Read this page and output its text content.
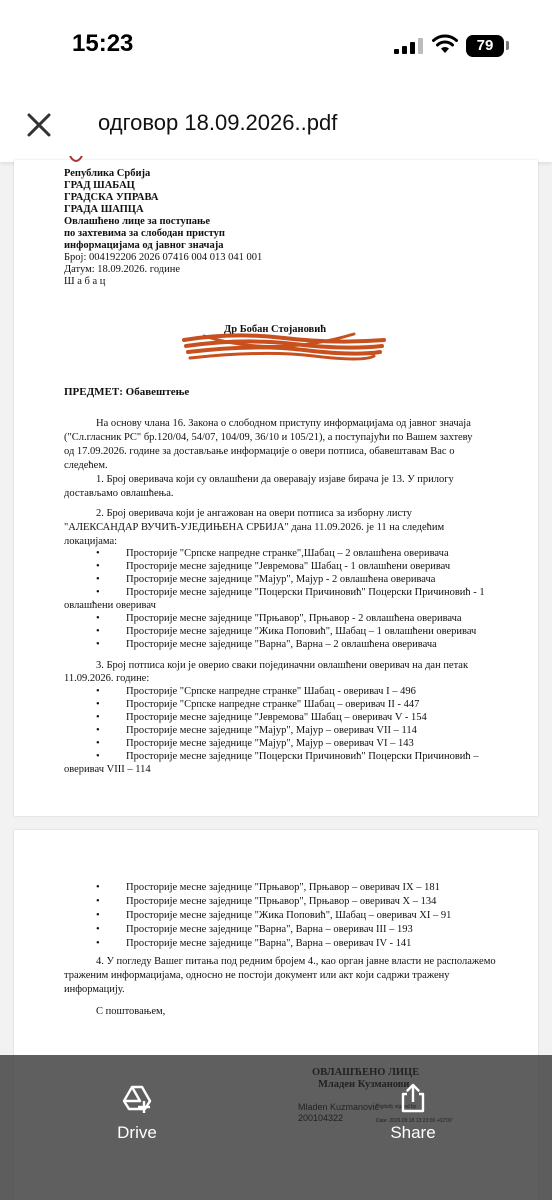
15:23	79
одговор 18.09.2026..pdf
Република Србија
ГРАД ШАБАЦ
ГРАДСКА УПРАВА
ГРАДА ШАПЦА
Овлашћено лице за поступање
по захтевима за слободан приступ
информацијама од јавног значаја
Број: 004192206 2026 07416 004 013 041 001
Датум: 18.09.2026. године
Ш а б а ц
Др Бобан Стојановић
ПРЕДМЕТ: Обавештење
На основу члана 16. Закона о слободном приступу информацијама од јавног значаја
("Сл.гласник РС" бр.120/04, 54/07, 104/09, 36/10 и 105/21), а поступајући по Вашем захтеву
од 17.09.2026. године за достављање информације о овери потписа, обавештавам Вас о
следећем.
1. Број оверивача који су овлашћени да оверавају изјаве бирача је 13. У прилогу
достављамо овлашћења.
2. Број оверивача који је ангажован на овери потписа за изборну листу
"АЛЕКСАНДАР ВУЧИЋ-УЈЕДИЊЕНА СРБИЈА" дана 11.09.2026. је 11 на следећим
локацијама:
•	Просторије "Српске напредне странке",Шабац – 2 овлашћена оверивача
•	Просторије месне заједнице "Јевремова" Шабац - 1 овлашћени оверивач
•	Просторије месне заједнице "Мајур", Мајур - 2 овлашћена оверивача
•	Просторије месне заједнице "Поцерски Причиновић" Поцерски Причиновић - 1
овлашћени оверивач
•	Просторије месне заједнице "Прњавор", Прњавор - 2 овлашћена оверивача
•	Просторије месне заједнице "Жика Поповић", Шабац – 1 овлашћени оверивач
•	Просторије месне заједнице "Варна", Варна – 2 овлашћена оверивача
3. Број потписа који је оверио сваки појединачни овлашћени оверивач на дан петак
11.09.2026. године:
•	Просторије "Српске напредне странке" Шабац - оверивач I – 496
•	Просторије "Српске напредне странке" Шабац – оверивач II - 447
•	Просторије месне заједнице "Јевремова" Шабац – оверивач V - 154
•	Просторије месне заједнице "Мајур", Мајур – оверивач VII – 114
•	Просторије месне заједнице "Мајур", Мајур – оверивач VI – 143
•	Просторије месне заједнице "Поцерски Причиновић" Поцерски Причиновић –
оверивач VIII – 114
•	Просторије месне заједнице "Прњавор", Прњавор – оверивач IX – 181
•	Просторије месне заједнице "Прњавор", Прњавор – оверивач X – 134
•	Просторије месне заједнице "Жика Поповић", Шабац – оверивач XI – 91
•	Просторије месне заједнице "Варна", Варна – оверивач III – 193
•	Просторије месне заједнице "Варна", Варна – оверивач IV - 141
4. У погледу Вашег питања под редним бројем 4., као орган јавне власти не располажемо
траженим информацијама, односно не постоји документ или акт који садржи тражену
информацију.
С поштовањем,
ОВЛАШЋЕНО ЛИЦЕ
Младен Кузманови
Mladen Kuzmanović
200104322
Digitally signed by
Date: 2026.09.18 13:23:00 +02'00'
Drive	Share
